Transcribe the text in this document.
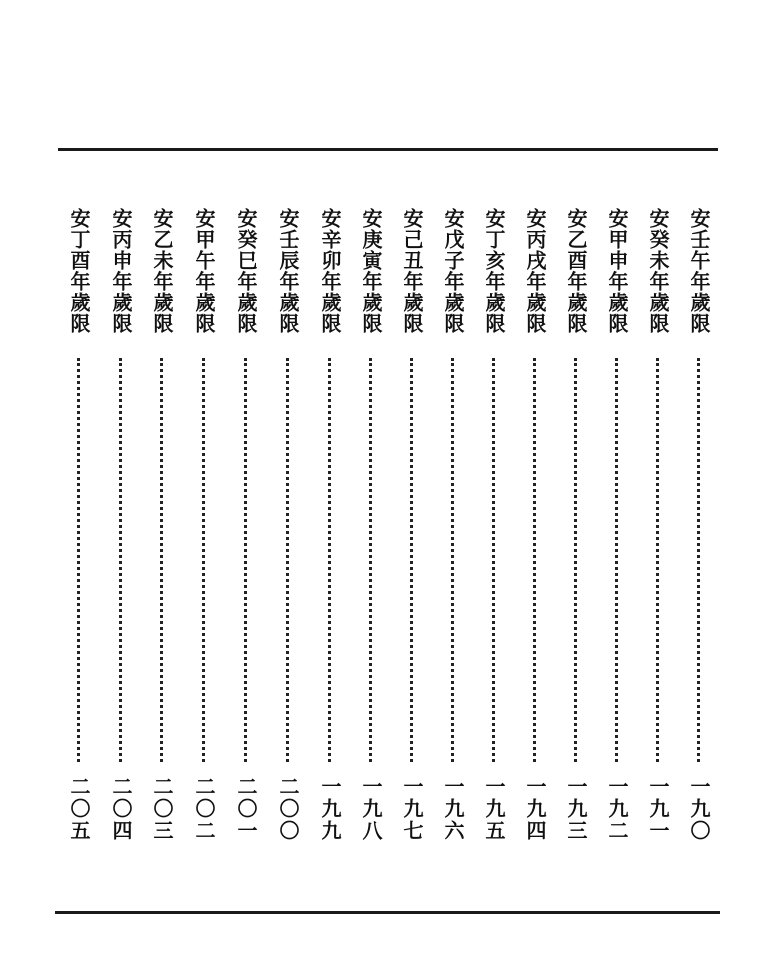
安壬午年歲限
一九〇
安癸未年歲限
一九一
安甲申年歲限
一九二
安乙酉年歲限
一九三
安丙戌年歲限
一九四
安丁亥年歲限
一九五
安戊子年歲限
一九六
安己丑年歲限
一九七
安庚寅年歲限
一九八
安辛卯年歲限
一九九
安壬辰年歲限
二〇〇
安癸巳年歲限
二〇一
安甲午年歲限
二〇二
安乙未年歲限
二〇三
安丙申年歲限
二〇四
安丁酉年歲限
二〇五
